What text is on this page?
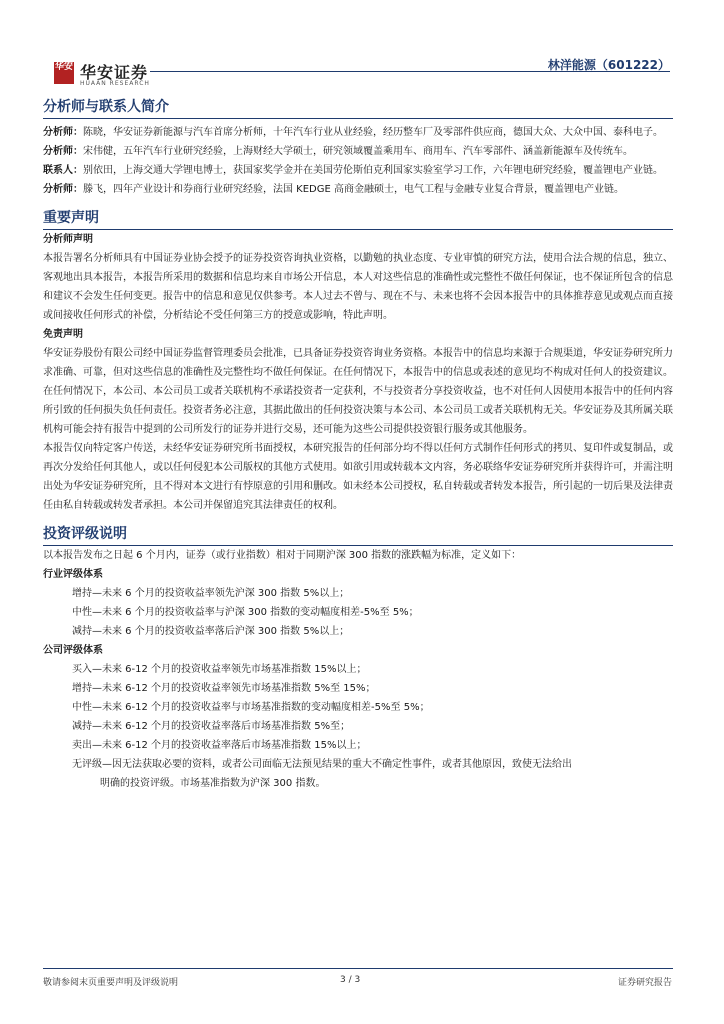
华安 华安证券
HUAAN RESEARCH
林洋能源（601222）
分析师与联系人简介

分析师：陈晓，华安证券新能源与汽车首席分析师，十年汽车行业从业经验，经历整车厂及零部件供应商，德国大众、大众中国、泰科电子。

分析师：宋伟健，五年汽车行业研究经验，上海财经大学硕士，研究领域覆盖乘用车、商用车、汽车零部件、涵盖新能源车及传统车。

联系人：别依田，上海交通大学锂电博士，获国家奖学金并在美国劳伦斯伯克利国家实验室学习工作，六年锂电研究经验，覆盖锂电产业链。

分析师：滕飞，四年产业设计和券商行业研究经验，法国 KEDGE 高商金融硕士，电气工程与金融专业复合背景，覆盖锂电产业链。

重要声明
分析师声明

本报告署名分析师具有中国证券业协会授予的证券投资咨询执业资格，以勤勉的执业态度、专业审慎的研究方法，使用合法合规的信息，独立、客观地出具本报告，本报告所采用的数据和信息均来自市场公开信息，本人对这些信息的准确性或完整性不做任何保证，也不保证所包含的信息和建议不会发生任何变更。报告中的信息和意见仅供参考。本人过去不曾与、现在不与、未来也将不会因本报告中的具体推荐意见或观点而直接或间接收任何形式的补偿，分析结论不受任何第三方的授意或影响，特此声明。

免责声明

华安证券股份有限公司经中国证券监督管理委员会批准，已具备证券投资咨询业务资格。本报告中的信息均来源于合规渠道，华安证券研究所力求准确、可靠，但对这些信息的准确性及完整性均不做任何保证。在任何情况下，本报告中的信息或表述的意见均不构成对任何人的投资建议。在任何情况下，本公司、本公司员工或者关联机构不承诺投资者一定获利，不与投资者分享投资收益，也不对任何人因使用本报告中的任何内容所引致的任何损失负任何责任。投资者务必注意，其据此做出的任何投资决策与本公司、本公司员工或者关联机构无关。华安证券及其所属关联机构可能会持有报告中提到的公司所发行的证券并进行交易，还可能为这些公司提供投资银行服务或其他服务。

本报告仅向特定客户传送，未经华安证券研究所书面授权，本研究报告的任何部分均不得以任何方式制作任何形式的拷贝、复印件或复制品，或再次分发给任何其他人，或以任何侵犯本公司版权的其他方式使用。如欲引用或转载本文内容，务必联络华安证券研究所并获得许可，并需注明出处为华安证券研究所，且不得对本文进行有悖原意的引用和删改。如未经本公司授权，私自转载或者转发本报告，所引起的一切后果及法律责任由私自转载或转发者承担。本公司并保留追究其法律责任的权利。

投资评级说明

以本报告发布之日起 6 个月内，证券（或行业指数）相对于同期沪深 300 指数的涨跌幅为标准，定义如下：

行业评级体系

增持—未来 6 个月的投资收益率领先沪深 300 指数 5%以上；

中性—未来 6 个月的投资收益率与沪深 300 指数的变动幅度相差-5%至 5%；

减持—未来 6 个月的投资收益率落后沪深 300 指数 5%以上；

公司评级体系

买入—未来 6-12 个月的投资收益率领先市场基准指数 15%以上；

增持—未来 6-12 个月的投资收益率领先市场基准指数 5%至 15%；

中性—未来 6-12 个月的投资收益率与市场基准指数的变动幅度相差-5%至 5%；

减持—未来 6-12 个月的投资收益率落后市场基准指数 5%至；

卖出—未来 6-12 个月的投资收益率落后市场基准指数 15%以上；

无评级—因无法获取必要的资料，或者公司面临无法预见结果的重大不确定性事件，或者其他原因，致使无法给出

明确的投资评级。市场基准指数为沪深 300 指数。

敬请参阅末页重要声明及评级说明	3 / 3	证券研究报告
